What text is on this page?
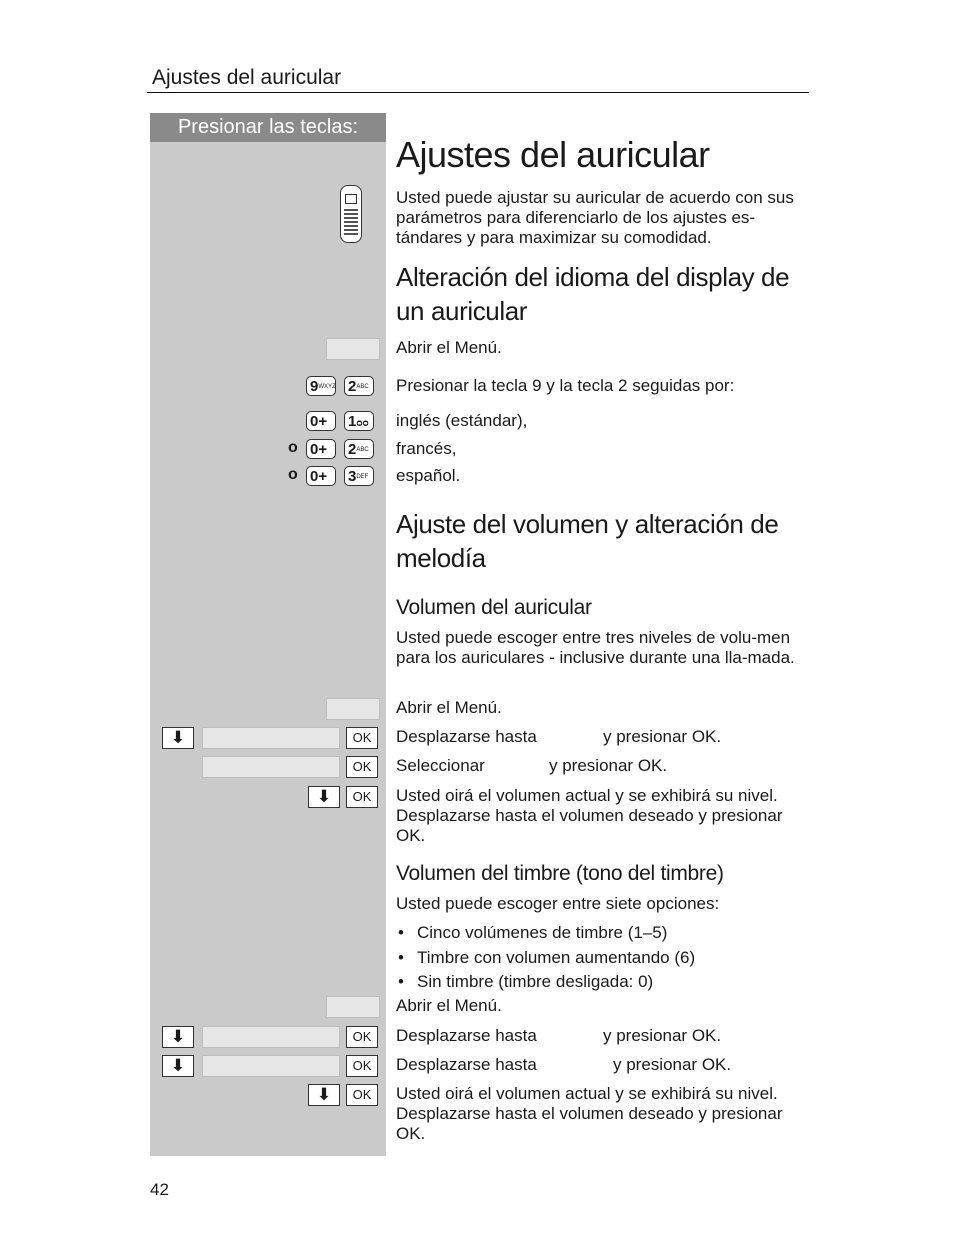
Ajustes del auricular
Presionar las teclas:
Ajustes del auricular
Usted puede ajustar su auricular de acuerdo con sus parámetros para diferenciarlo de los ajustes es-tándares y para maximizar su comodidad.
Alteración del idioma del display de un auricular
Abrir el Menú.
$9^{WXYZ}$ $2^{ABC}$	Presionar la tecla 9 y la tecla 2 seguidas por:
0+	1ᴑᴑ	inglés (estándar),
o 0+	$2^{ABC}$	francés,
o 0+	$3^{DEF}$	español.
Ajuste del volumen y alteración de melodía
Volumen del auricular
Usted puede escoger entre tres niveles de volu-men para los auriculares - inclusive durante una lla-mada.
Abrir el Menú.
⬇	OK	Desplazarse hasta	y presionar OK.
OK	Seleccionar	y presionar OK.
⬇	OK	Usted oirá el volumen actual y se exhibirá su nivel.
Desplazarse hasta el volumen deseado y presionar
OK.
Volumen del timbre (tono del timbre)
Usted puede escoger entre siete opciones:
• Cinco volúmenes de timbre (1–5)
• Timbre con volumen aumentando (6)
• Sin timbre (timbre desligada: 0)
Abrir el Menú.
⬇	OK	Desplazarse hasta	y presionar OK.
⬇	OK	Desplazarse hasta	y presionar OK.
⬇	OK	Usted oirá el volumen actual y se exhibirá su nivel.
Desplazarse hasta el volumen deseado y presionar
OK.
42
